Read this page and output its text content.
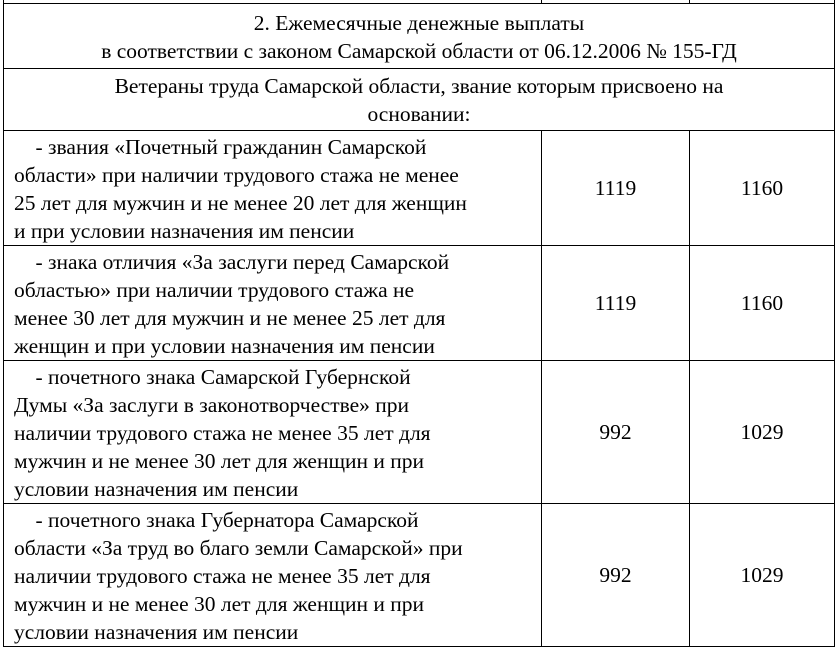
2. Ежемесячные денежные выплаты
в соответствии с законом Самарской области от 06.12.2006 № 155-ГД		

Ветераны труда Самарской области, звание которым присвоено на
основании:		

- звания «Почетный гражданин Самарской
области» при наличии трудового стажа не менее
25 лет для мужчин и не менее 20 лет для женщин
и при условии назначения им пенсии	1119	1160
- знака отличия «За заслуги перед Самарской
областью» при наличии трудового стажа не
менее 30 лет для мужчин и не менее 25 лет для
женщин и при условии назначения им пенсии	1119	1160
- почетного знака Самарской Губернской
Думы «За заслуги в законотворчестве» при
наличии трудового стажа не менее 35 лет для
мужчин и не менее 30 лет для женщин и при
условии назначения им пенсии	992	1029
- почетного знака Губернатора Самарской
области «За труд во благо земли Самарской» при
наличии трудового стажа не менее 35 лет для
мужчин и не менее 30 лет для женщин и при
условии назначения им пенсии	992	1029
